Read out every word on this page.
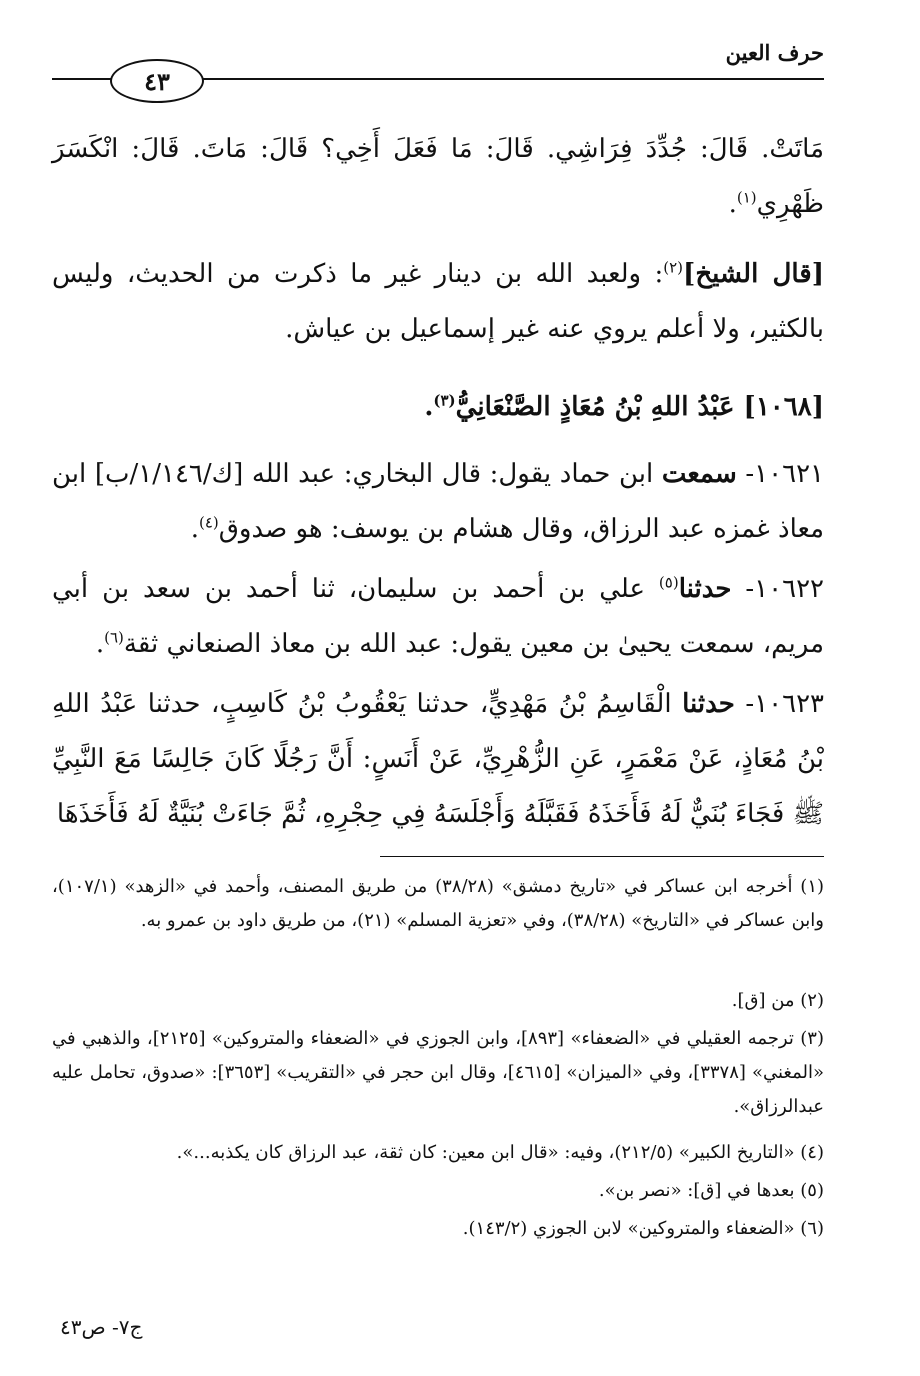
حرف العين
٤٣
مَاتَتْ. قَالَ: جُدِّدَ فِرَاشِي. قَالَ: مَا فَعَلَ أَخِي؟ قَالَ: مَاتَ. قَالَ: انْكَسَرَ ظَهْرِي$^{(١)}$.
[قال الشيخ]$^{(٢)}$: ولعبد الله بن دينار غير ما ذكرت من الحديث، وليس بالكثير، ولا أعلم يروي عنه غير إسماعيل بن عياش.
[١٠٦٨] عَبْدُ اللهِ بْنُ مُعَاذٍ الصَّنْعَانِيُّ$^{(٣)}$.
١٠٦٢١- سمعت ابن حماد يقول: قال البخاري: عبد الله [ك/١/١٤٦/ب] ابن معاذ غمزه عبد الرزاق، وقال هشام بن يوسف: هو صدوق$^{(٤)}$.
١٠٦٢٢- حدثنا$^{(٥)}$ علي بن أحمد بن سليمان، ثنا أحمد بن سعد بن أبي مريم، سمعت يحيىٰ بن معين يقول: عبد الله بن معاذ الصنعاني ثقة$^{(٦)}$.
١٠٦٢٣- حدثنا الْقَاسِمُ بْنُ مَهْدِيٍّ، حدثنا يَعْقُوبُ بْنُ كَاسِبٍ، حدثنا عَبْدُ اللهِ بْنُ مُعَاذٍ، عَنْ مَعْمَرٍ، عَنِ الزُّهْرِيِّ، عَنْ أَنَسٍ: أَنَّ رَجُلًا كَانَ جَالِسًا مَعَ النَّبِيِّ ﷺ فَجَاءَ بُنَيٌّ لَهُ فَأَخَذَهُ فَقَبَّلَهُ وَأَجْلَسَهُ فِي حِجْرِهِ، ثُمَّ جَاءَتْ بُنَيَّةٌ لَهُ فَأَخَذَهَا
(١) أخرجه ابن عساكر في «تاريخ دمشق» (٣٨/٢٨) من طريق المصنف، وأحمد في «الزهد» (١٠٧/١)، وابن عساكر في «التاريخ» (٣٨/٢٨)، وفي «تعزية المسلم» (٢١)، من طريق داود بن عمرو به.
(٢) من [ق].
(٣) ترجمه العقيلي في «الضعفاء» [٨٩٣]، وابن الجوزي في «الضعفاء والمتروكين» [٢١٢٥]، والذهبي في «المغني» [٣٣٧٨]، وفي «الميزان» [٤٦١٥]، وقال ابن حجر في «التقريب» [٣٦٥٣]: «صدوق، تحامل عليه عبدالرزاق».
(٤) «التاريخ الكبير» (٢١٢/٥)، وفيه: «قال ابن معين: كان ثقة، عبد الرزاق كان يكذبه...».
(٥) بعدها في [ق]: «نصر بن».
(٦) «الضعفاء والمتروكين» لابن الجوزي (١٤٣/٢).
ج٧- ص٤٣
